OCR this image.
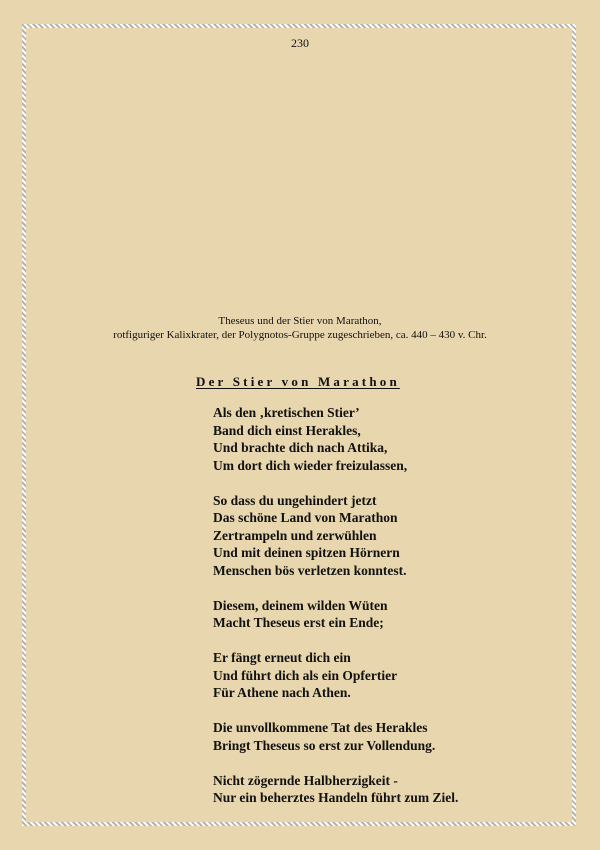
230
Theseus und der Stier von Marathon,
rotfiguriger Kalixkrater, der Polygnotos-Gruppe zugeschrieben, ca. 440 – 430 v. Chr.
Der Stier von Marathon
Als den ‚kretischen Stier’
Band dich einst Herakles,
Und brachte dich nach Attika,
Um dort dich wieder freizulassen,
So dass du ungehindert jetzt
Das schöne Land von Marathon
Zertrampeln und zerwühlen
Und mit deinen spitzen Hörnern
Menschen bös verletzen konntest.
Diesem, deinem wilden Wüten
Macht Theseus erst ein Ende;
Er fängt erneut dich ein
Und führt dich als ein Opfertier
Für Athene nach Athen.
Die unvollkommene Tat des Herakles
Bringt Theseus so erst zur Vollendung.
Nicht zögernde Halbherzigkeit -
Nur ein beherztes Handeln führt zum Ziel.
